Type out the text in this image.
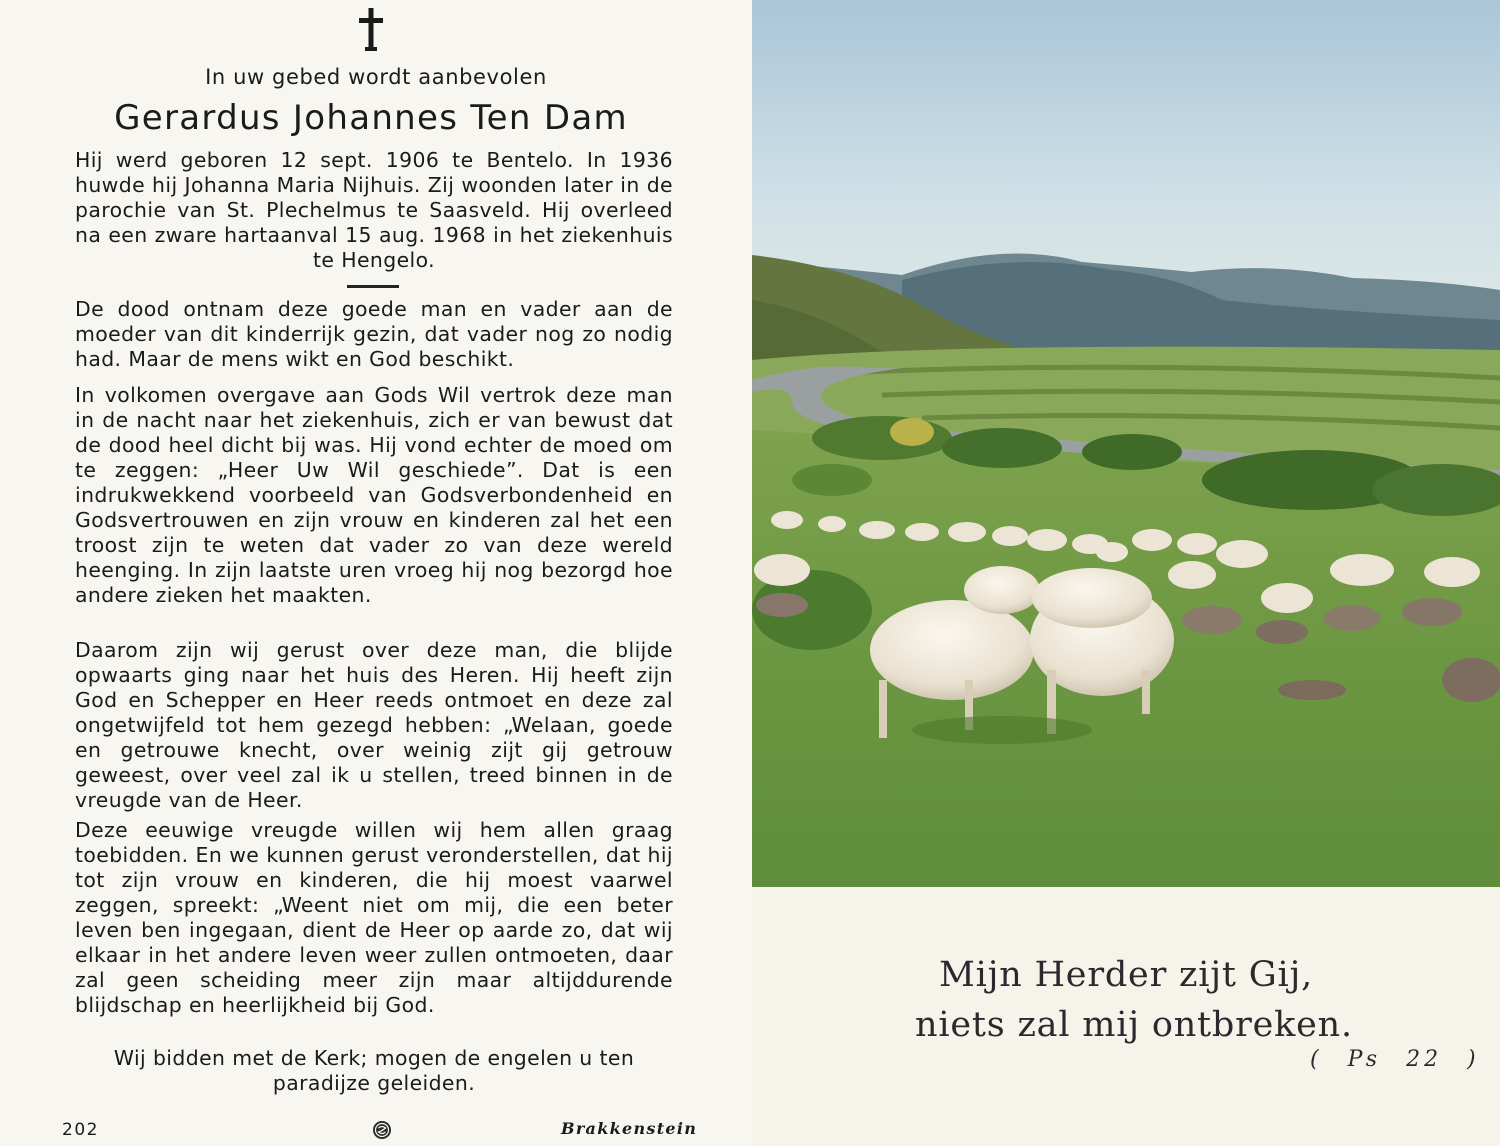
In uw gebed wordt aanbevolen
Gerardus Johannes Ten Dam
Hij werd geboren 12 sept. 1906 te Bentelo. In 1936 huwde hij Johanna Maria Nijhuis. Zij woonden later in de parochie van St. Plechelmus te Saasveld. Hij overleed na een zware hartaanval 15 aug. 1968 in het ziekenhuis te Hengelo.
De dood ontnam deze goede man en vader aan de moeder van dit kinderrijk gezin, dat vader nog zo nodig had. Maar de mens wikt en God beschikt.
In volkomen overgave aan Gods Wil vertrok deze man in de nacht naar het ziekenhuis, zich er van bewust dat de dood heel dicht bij was. Hij vond echter de moed om te zeggen: „Heer Uw Wil geschiede”. Dat is een indrukwekkend voorbeeld van Godsverbondenheid en Godsvertrouwen en zijn vrouw en kinderen zal het een troost zijn te weten dat vader zo van deze wereld heenging. In zijn laatste uren vroeg hij nog bezorgd hoe andere zieken het maakten.
Daarom zijn wij gerust over deze man, die blijde opwaarts ging naar het huis des Heren. Hij heeft zijn God en Schepper en Heer reeds ontmoet en deze zal ongetwijfeld tot hem gezegd hebben: „Welaan, goede en getrouwe knecht, over weinig zijt gij getrouw geweest, over veel zal ik u stellen, treed binnen in de vreugde van de Heer.
Deze eeuwige vreugde willen wij hem allen graag toebidden. En we kunnen gerust veronderstellen, dat hij tot zijn vrouw en kinderen, die hij moest vaarwel zeggen, spreekt: „Weent niet om mij, die een beter leven ben ingegaan, dient de Heer op aarde zo, dat wij elkaar in het andere leven weer zullen ontmoeten, daar zal geen scheiding meer zijn maar altijddurende blijdschap en heerlijkheid bij God.
Wij bidden met de Kerk; mogen de engelen u ten paradijze geleiden.
202	Brakkenstein
Mijn Herder zijt Gij,
niets zal mij ontbreken.
( Ps 22 )
